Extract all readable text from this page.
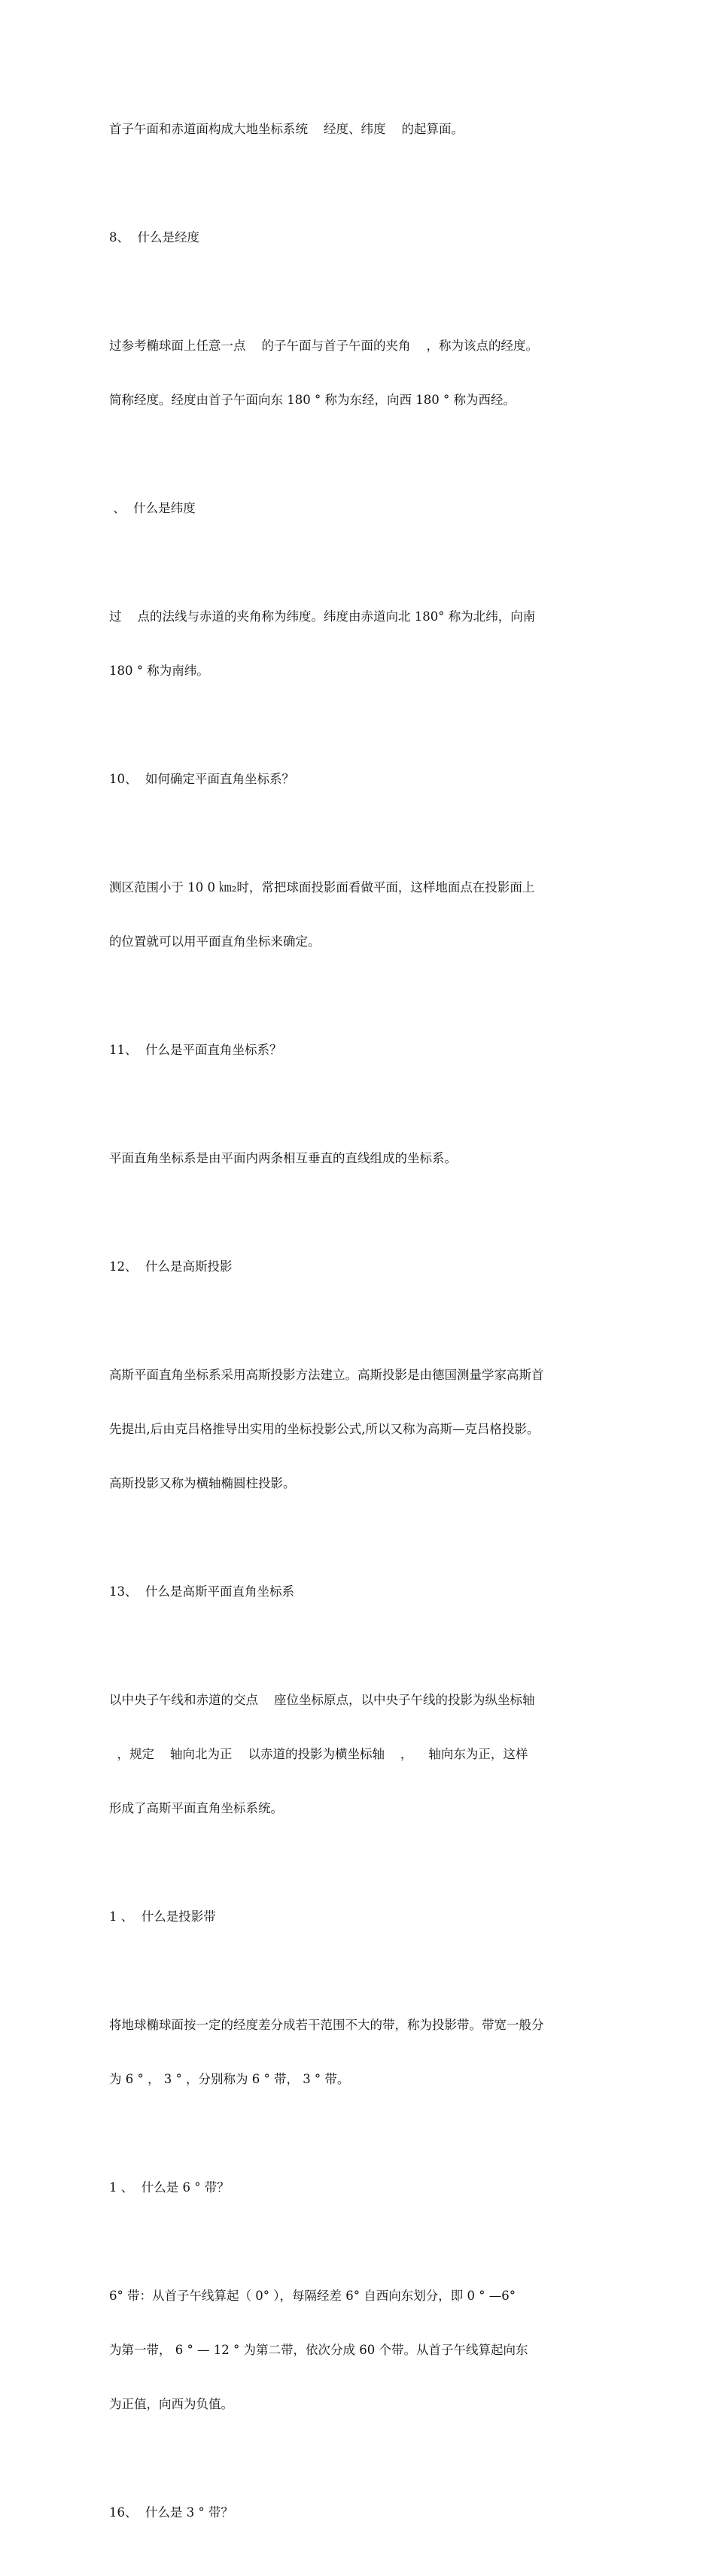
首子午面和赤道面构成大地坐标系统    经度、纬度    的起算面。

8、  什么是经度

过参考椭球面上任意一点    的子午面与首子午面的夹角    ，称为该点的经度。

简称经度。经度由首子午面向东 180 ° 称为东经，向西 180 ° 称为西经。

、  什么是纬度

过    点的法线与赤道的夹角称为纬度。纬度由赤道向北 180° 称为北纬，向南

180 ° 称为南纬。

10、  如何确定平面直角坐标系？

测区范围小于 10 0 ㎞₂时，常把球面投影面看做平面，这样地面点在投影面上

的位置就可以用平面直角坐标来确定。

11、  什么是平面直角坐标系？

平面直角坐标系是由平面内两条相互垂直的直线组成的坐标系。

12、  什么是高斯投影

高斯平面直角坐标系采用高斯投影方法建立。高斯投影是由德国测量学家高斯首

先提出,后由克吕格推导出实用的坐标投影公式,所以又称为高斯—克吕格投影。

高斯投影又称为横轴椭圆柱投影。

13、  什么是高斯平面直角坐标系

以中央子午线和赤道的交点    座位坐标原点，以中央子午线的投影为纵坐标轴

，规定    轴向北为正    以赤道的投影为横坐标轴    ，    轴向东为正，这样

形成了高斯平面直角坐标系统。

1 、  什么是投影带

将地球椭球面按一定的经度差分成若干范围不大的带，称为投影带。带宽一般分

为 6 ° ， 3 ° ，分别称为 6 ° 带， 3 ° 带。

1 、  什么是 6 ° 带？

6° 带：从首子午线算起（ 0° ），每隔经差 6° 自西向东划分，即 0 ° —6°

为第一带， 6 ° — 12 ° 为第二带，依次分成 60 个带。从首子午线算起向东

为正值，向西为负值。

16、  什么是 3 ° 带？
